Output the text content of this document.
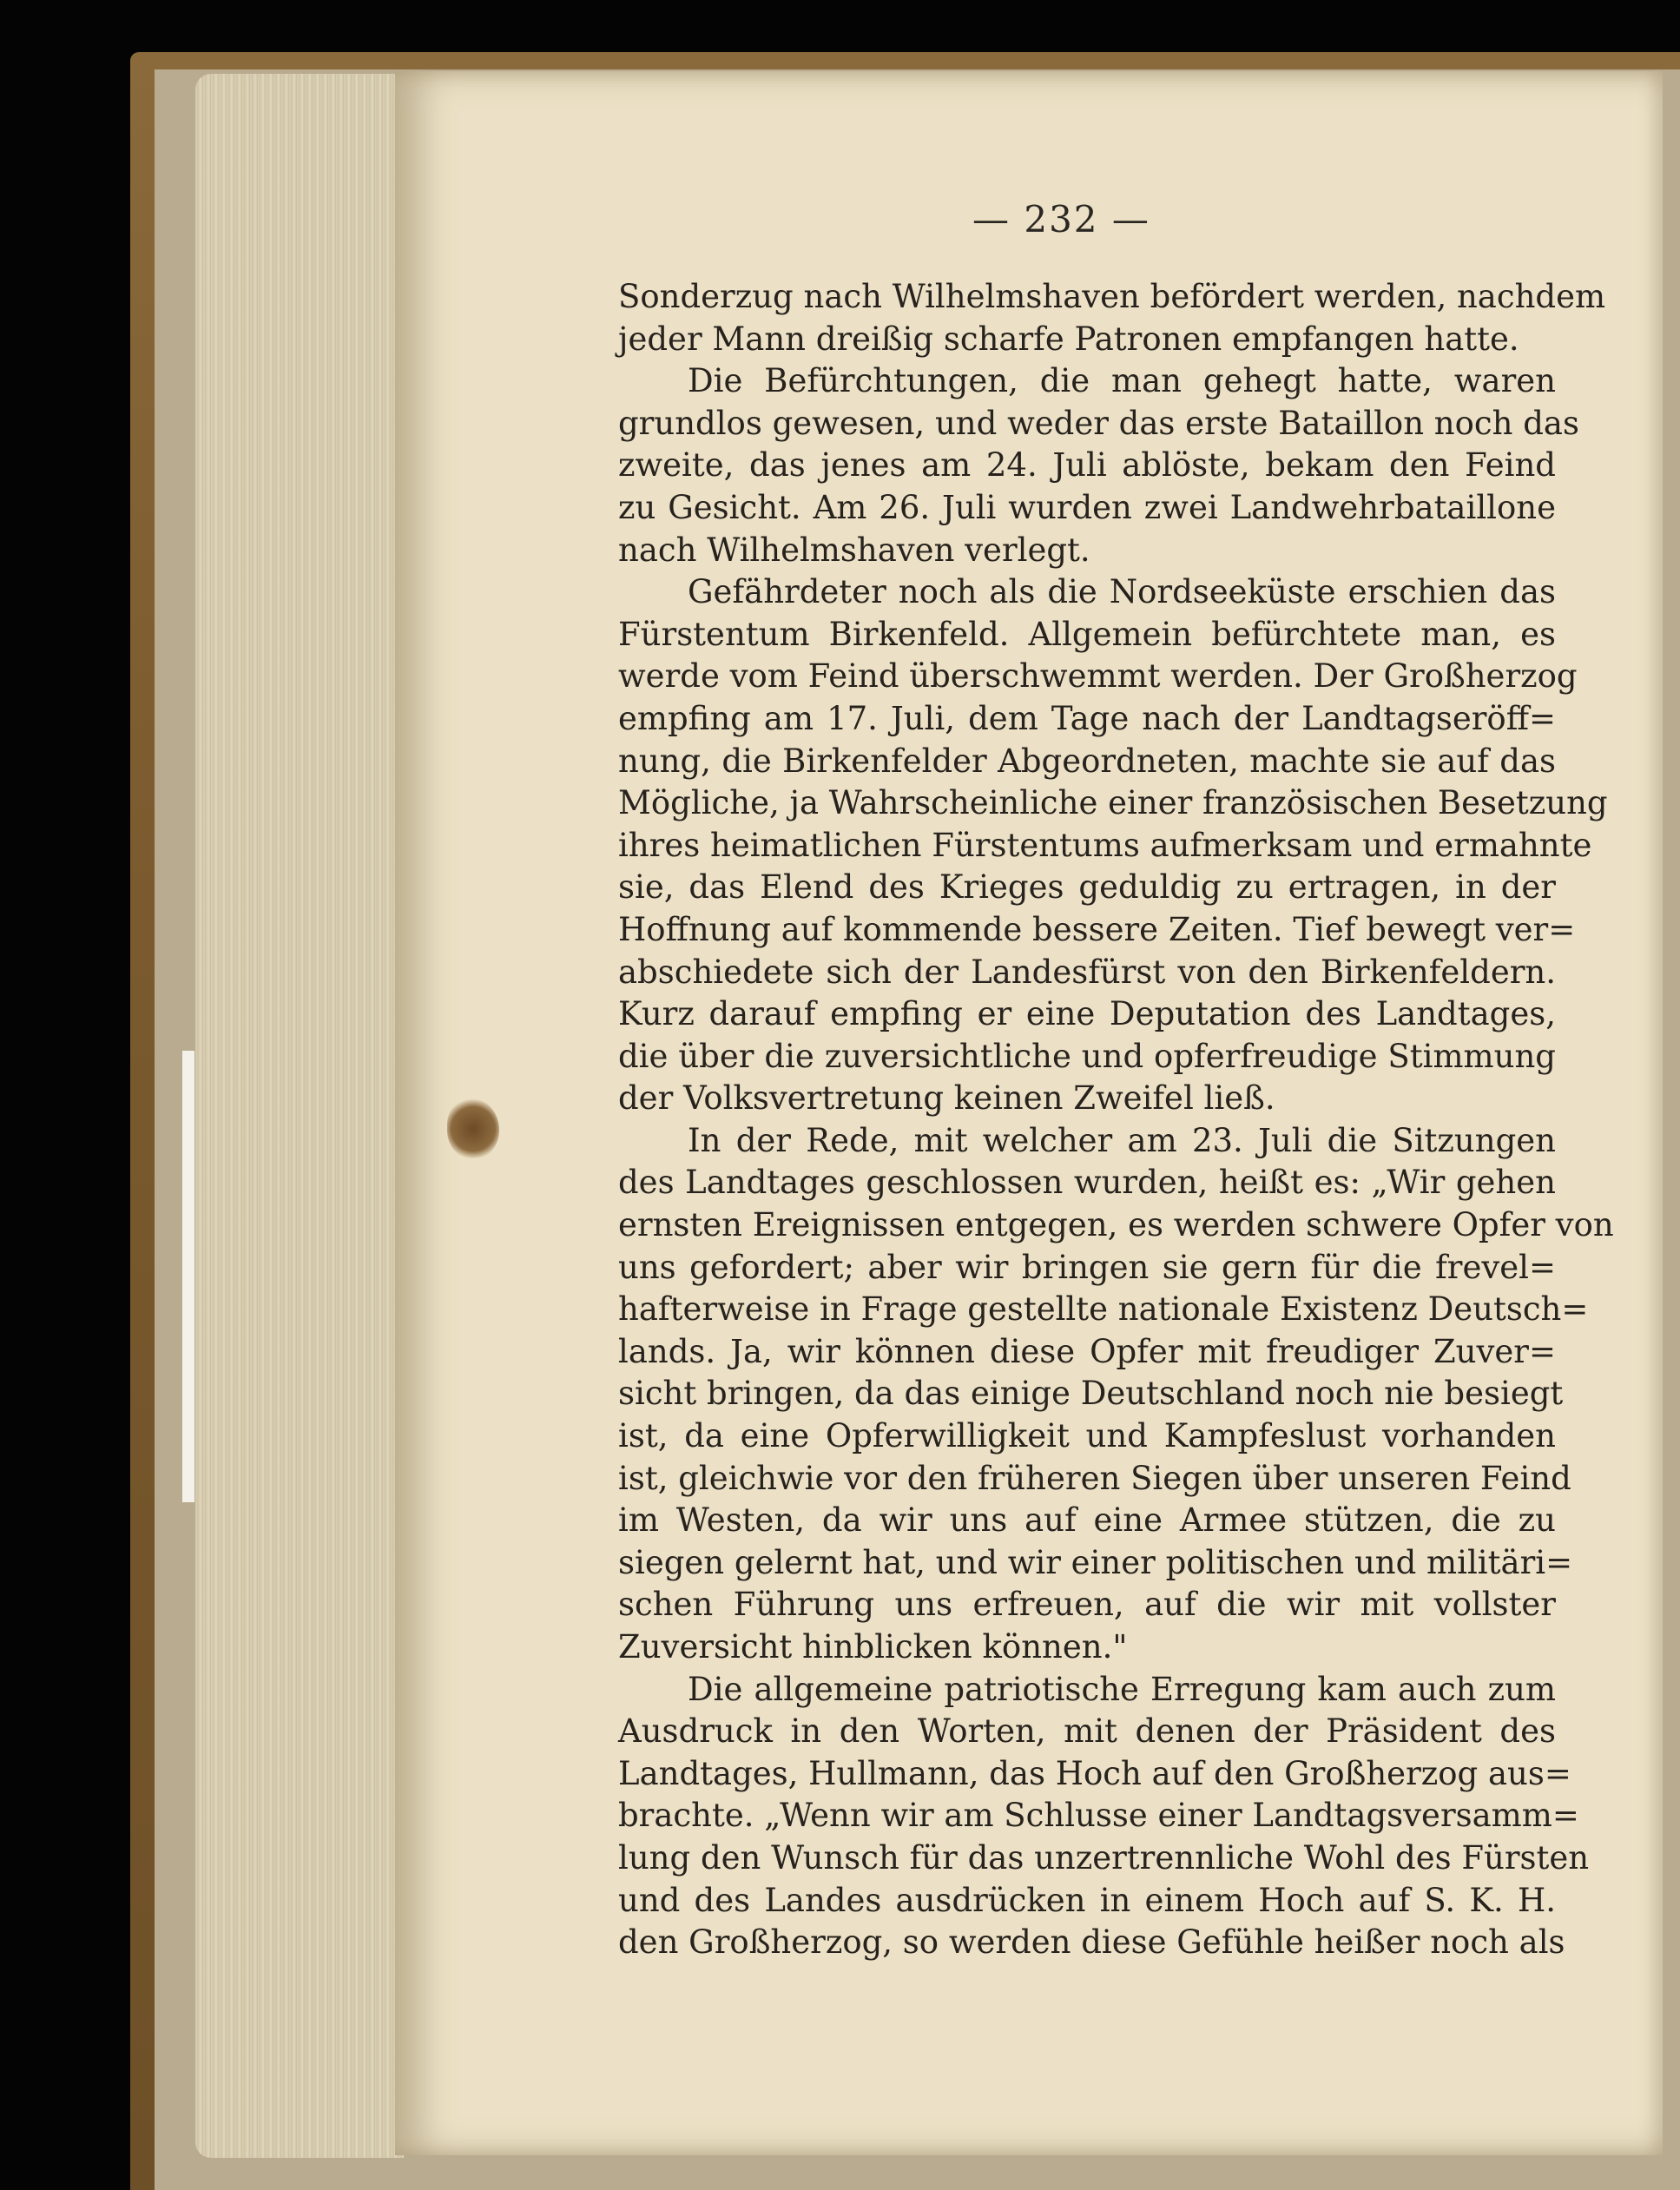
— 232 —
Sonderzug nach Wilhelmshaven befördert werden, nachdem
jeder Mann dreißig scharfe Patronen empfangen hatte.
Die Befürchtungen, die man gehegt hatte, waren
grundlos gewesen, und weder das erste Bataillon noch das
zweite, das jenes am 24. Juli ablöste, bekam den Feind
zu Gesicht. Am 26. Juli wurden zwei Landwehrbataillone
nach Wilhelmshaven verlegt.
Gefährdeter noch als die Nordseeküste erschien das
Fürstentum Birkenfeld. Allgemein befürchtete man, es
werde vom Feind überschwemmt werden. Der Großherzog
empfing am 17. Juli, dem Tage nach der Landtagseröff=
nung, die Birkenfelder Abgeordneten, machte sie auf das
Mögliche, ja Wahrscheinliche einer französischen Besetzung
ihres heimatlichen Fürstentums aufmerksam und ermahnte
sie, das Elend des Krieges geduldig zu ertragen, in der
Hoffnung auf kommende bessere Zeiten. Tief bewegt ver=
abschiedete sich der Landesfürst von den Birkenfeldern.
Kurz darauf empfing er eine Deputation des Landtages,
die über die zuversichtliche und opferfreudige Stimmung
der Volksvertretung keinen Zweifel ließ.
In der Rede, mit welcher am 23. Juli die Sitzungen
des Landtages geschlossen wurden, heißt es: „Wir gehen
ernsten Ereignissen entgegen, es werden schwere Opfer von
uns gefordert; aber wir bringen sie gern für die frevel=
hafterweise in Frage gestellte nationale Existenz Deutsch=
lands. Ja, wir können diese Opfer mit freudiger Zuver=
sicht bringen, da das einige Deutschland noch nie besiegt
ist, da eine Opferwilligkeit und Kampfeslust vorhanden
ist, gleichwie vor den früheren Siegen über unseren Feind
im Westen, da wir uns auf eine Armee stützen, die zu
siegen gelernt hat, und wir einer politischen und militäri=
schen Führung uns erfreuen, auf die wir mit vollster
Zuversicht hinblicken können."
Die allgemeine patriotische Erregung kam auch zum
Ausdruck in den Worten, mit denen der Präsident des
Landtages, Hullmann, das Hoch auf den Großherzog aus=
brachte. „Wenn wir am Schlusse einer Landtagsversamm=
lung den Wunsch für das unzertrennliche Wohl des Fürsten
und des Landes ausdrücken in einem Hoch auf S. K. H.
den Großherzog, so werden diese Gefühle heißer noch als
